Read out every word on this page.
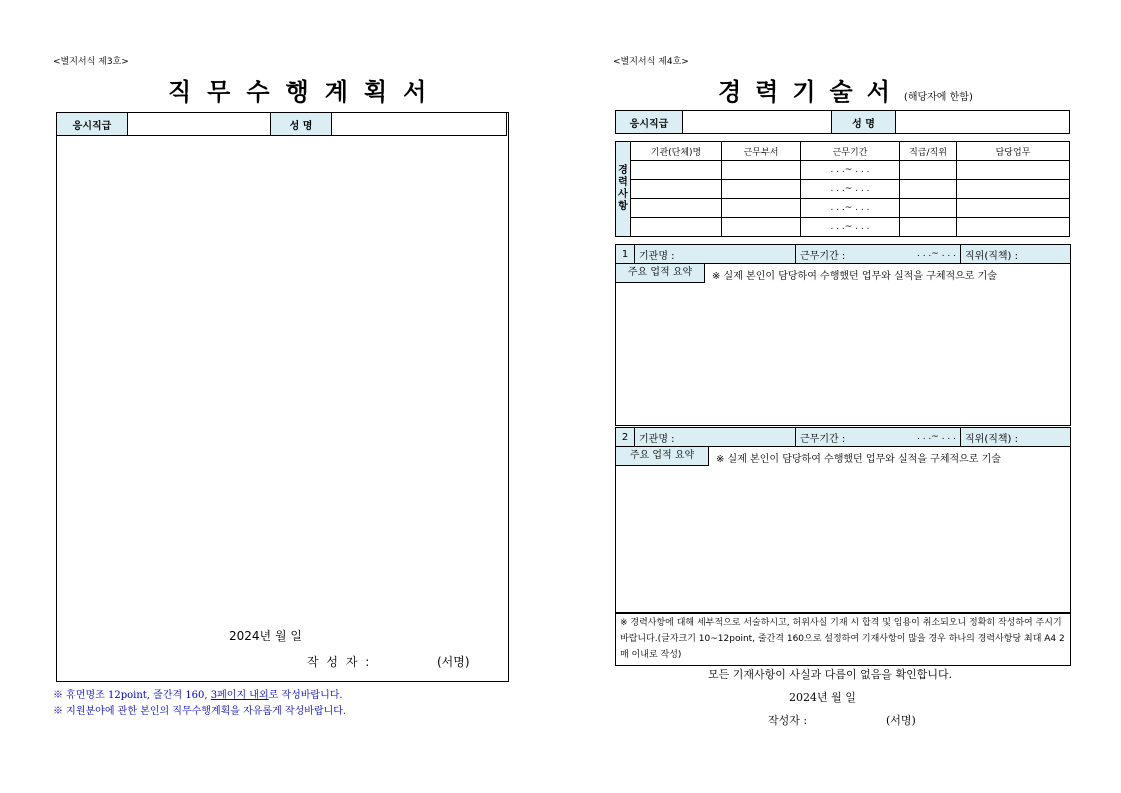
<별지서식 제3호>
직무수행계획서
응시직급		성 명	
2024년 월 일
작 성 자 :	(서명)
※ 휴먼명조 12point, 줄간격 160, 3페이지 내외로 작성바랍니다.
※ 지원분야에 관한 본인의 직무수행계획을 자유롭게 작성바랍니다.
<별지서식 제4호>
경력기술서(해당자에 한함)
응시직급		성 명	
경력사항	기관(단체)명	근무부서	근무기간	직급/직위	담당업무
			. . .~ . . .		
			. . .~ . . .		
			. . .~ . . .		
			. . .~ . . .		
1	기관명 :	근무기간 :	. . .~ . . .	직위(직책) :
주요 업적 요약	※ 실제 본인이 담당하여 수행했던 업무와 실적을 구체적으로 기술
2	기관명 :	근무기간 :	. . .~ . . .	직위(직책) :
주요 업적 요약	※ 실제 본인이 담당하여 수행했던 업무와 실적을 구체적으로 기술
※ 경력사항에 대해 세부적으로 서술하시고, 허위사실 기재 시 합격 및 임용이 취소되오니 정확히 작성하여 주시기 바랍니다.(글자크기 10~12point, 줄간격 160으로 설정하여 기재사항이 많을 경우 하나의 경력사항당 최대 A4 2매 이내로 작성)
모든 기재사항이 사실과 다름이 없음을 확인합니다.
2024년 월 일
작성자 :	(서명)
